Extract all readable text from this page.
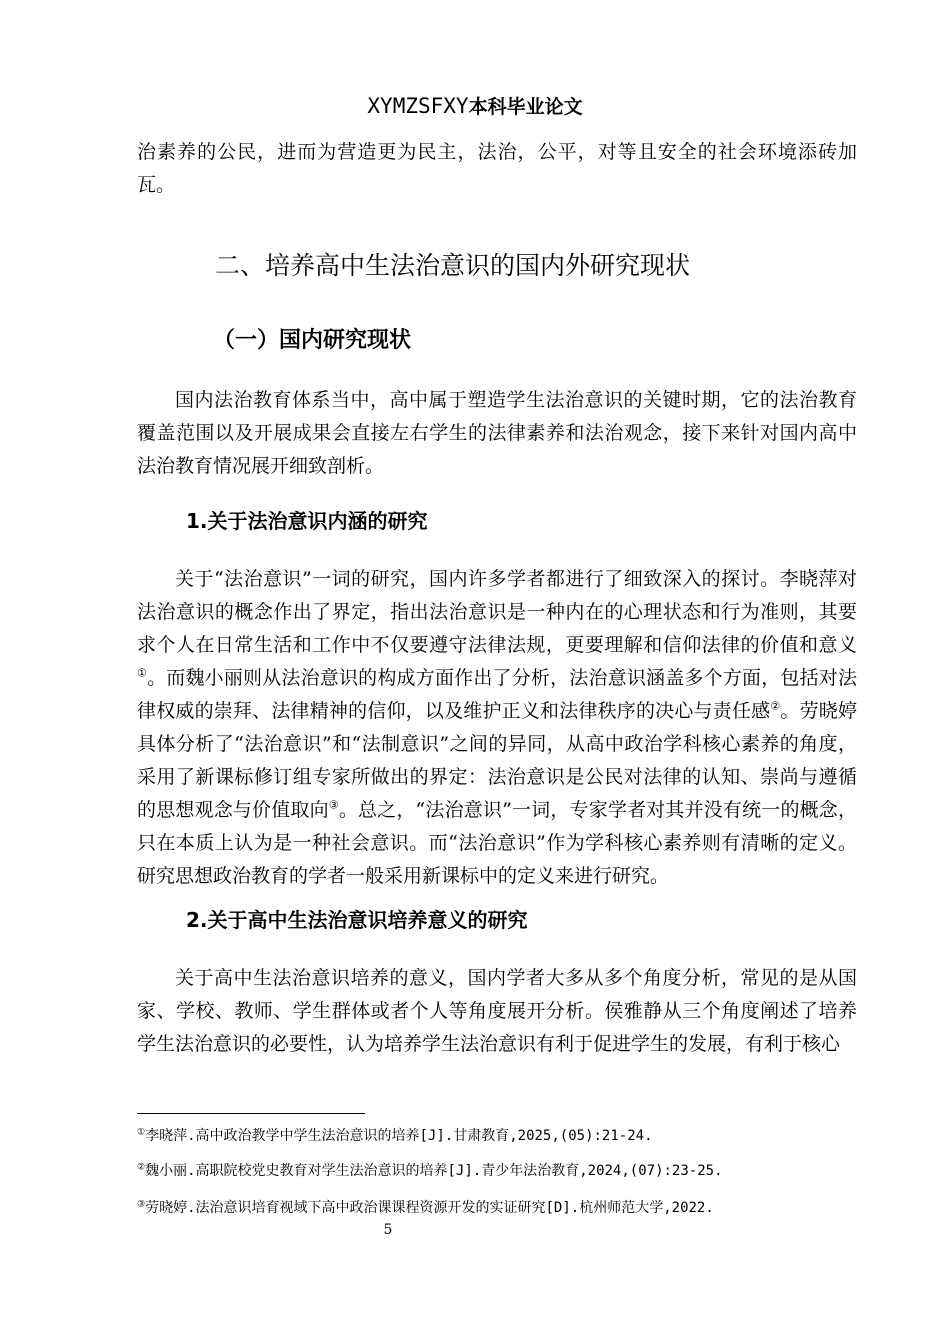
XYMZSFXY本科毕业论文

治素养的公民，进而为营造更为民主，法治，公平，对等且安全的社会环境添砖加瓦。

二、培养高中生法治意识的国内外研究现状
（一）国内研究现状

国内法治教育体系当中，高中属于塑造学生法治意识的关键时期，它的法治教育覆盖范围以及开展成果会直接左右学生的法律素养和法治观念，接下来针对国内高中法治教育情况展开细致剖析。

1.关于法治意识内涵的研究

关于“法治意识”一词的研究，国内许多学者都进行了细致深入的探讨。李晓萍对法治意识的概念作出了界定，指出法治意识是一种内在的心理状态和行为准则，其要求个人在日常生活和工作中不仅要遵守法律法规，更要理解和信仰法律的价值和意义①。而魏小丽则从法治意识的构成方面作出了分析，法治意识涵盖多个方面，包括对法律权威的崇拜、法律精神的信仰，以及维护正义和法律秩序的决心与责任感②。劳晓婷具体分析了“法治意识”和“法制意识”之间的异同，从高中政治学科核心素养的角度，采用了新课标修订组专家所做出的界定：法治意识是公民对法律的认知、崇尚与遵循的思想观念与价值取向③。总之，“法治意识”一词，专家学者对其并没有统一的概念，只在本质上认为是一种社会意识。而“法治意识”作为学科核心素养则有清晰的定义。研究思想政治教育的学者一般采用新课标中的定义来进行研究。

2.关于高中生法治意识培养意义的研究

关于高中生法治意识培养的意义，国内学者大多从多个角度分析，常见的是从国家、学校、教师、学生群体或者个人等角度展开分析。侯雅静从三个角度阐述了培养学生法治意识的必要性，认为培养学生法治意识有利于促进学生的发展，有利于核心

①李晓萍.高中政治教学中学生法治意识的培养[J].甘肃教育,2025,(05):21-24.

②魏小丽.高职院校党史教育对学生法治意识的培养[J].青少年法治教育,2024,(07):23-25.

③劳晓婷.法治意识培育视域下高中政治课课程资源开发的实证研究[D].杭州师范大学,2022.

5
